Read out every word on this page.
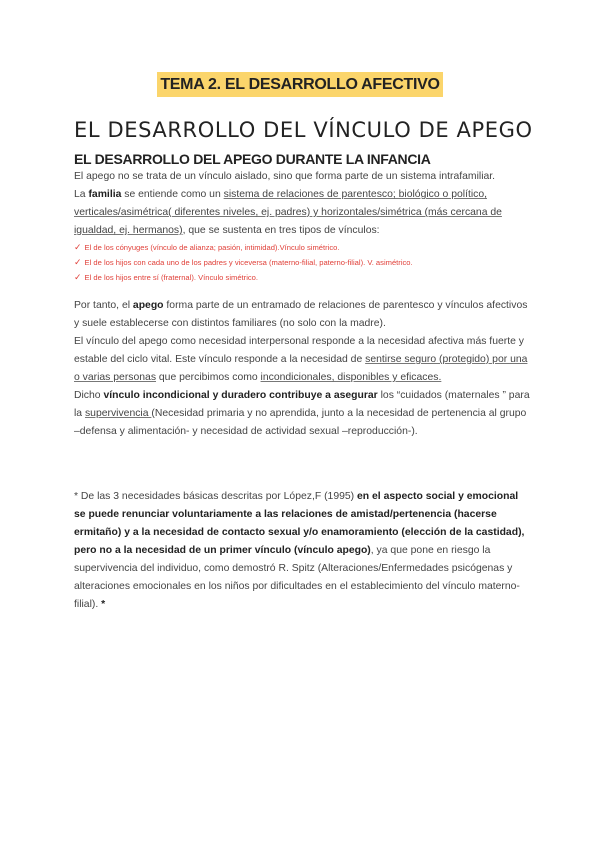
TEMA 2. EL DESARROLLO AFECTIVO
EL DESARROLLO DEL VÍNCULO DE APEGO
EL DESARROLLO DEL APEGO DURANTE LA INFANCIA

El apego no se trata de un vínculo aislado, sino que forma parte de un sistema intrafamiliar.

La familia se entiende como un sistema de relaciones de parentesco; biológico o político, verticales/asimétrica( diferentes niveles, ej. padres) y horizontales/simétrica (más cercana de igualdad, ej. hermanos), que se sustenta en tres tipos de vínculos:

✓ El de los cónyuges (vínculo de alianza; pasión, intimidad).Vínculo simétrico.
✓ El de los hijos con cada uno de los padres y viceversa (materno-filial, paterno-filial). V. asimétrico.
✓ El de los hijos entre sí (fraternal). Vínculo simétrico.

Por tanto, el apego forma parte de un entramado de relaciones de parentesco y vínculos afectivos y suele establecerse con distintos familiares (no solo con la madre).

El vínculo del apego como necesidad interpersonal responde a la necesidad afectiva más fuerte y estable del ciclo vital. Este vínculo responde a la necesidad de sentirse seguro (protegido) por una o varias personas que percibimos como incondicionales, disponibles y eficaces.

Dicho vínculo incondicional y duradero contribuye a asegurar los “cuidados (maternales ” para la supervivencia (Necesidad primaria y no aprendida, junto a la necesidad de pertenencia al grupo –defensa y alimentación- y necesidad de actividad sexual –reproducción-).

* De las 3 necesidades básicas descritas por López,F (1995) en el aspecto social y emocional se puede renunciar voluntariamente a las relaciones de amistad/pertenencia (hacerse ermitaño) y a la necesidad de contacto sexual y/o enamoramiento (elección de la castidad), pero no a la necesidad de un primer vínculo (vínculo apego), ya que pone en riesgo la supervivencia del individuo, como demostró R. Spitz (Alteraciones/Enfermedades psicógenas y alteraciones emocionales en los niños por dificultades en el establecimiento del vínculo materno-filial). *
